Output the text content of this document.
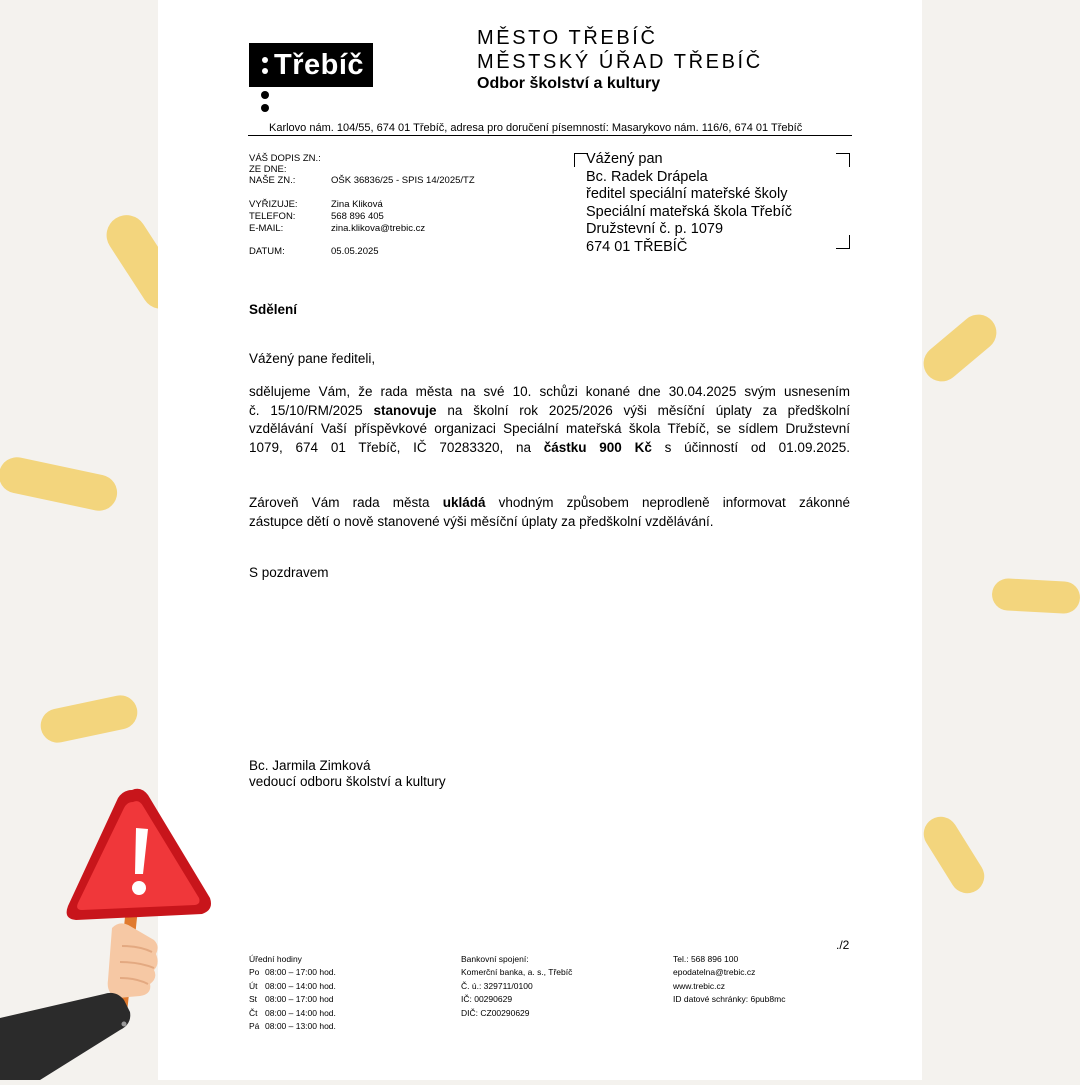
Třebíč
MĚSTO TŘEBÍČ
MĚSTSKÝ ÚŘAD TŘEBÍČ
Odbor školství a kultury
Karlovo nám. 104/55, 674 01 Třebíč, adresa pro doručení písemností: Masarykovo nám. 116/6, 674 01 Třebíč
VÁŠ DOPIS ZN.:
ZE DNE:
NAŠE ZN.:	OŠK 36836/25 - SPIS 14/2025/TZ
VYŘIZUJE:	Zina Kliková
TELEFON:	568 896 405
E-MAIL:	zina.klikova@trebic.cz
DATUM:	05.05.2025
Vážený pan
Bc. Radek Drápela
ředitel speciální mateřské školy
Speciální mateřská škola Třebíč
Družstevní č. p. 1079
674 01 TŘEBÍČ
Sdělení
Vážený pane řediteli,
sdělujeme Vám, že rada města na své 10. schůzi konané dne 30.04.2025 svým usnesením
č. 15/10/RM/2025 stanovuje na školní rok 2025/2026 výši měsíční úplaty za předškolní
vzdělávání Vaší příspěvkové organizaci Speciální mateřská škola Třebíč, se sídlem Družstevní
1079, 674 01 Třebíč, IČ 70283320, na částku 900 Kč s účinností od 01.09.2025.
Zároveň Vám rada města ukládá vhodným způsobem neprodleně informovat zákonné
zástupce dětí o nově stanovené výši měsíční úplaty za předškolní vzdělávání.
S pozdravem
Bc. Jarmila Zimková
vedoucí odboru školství a kultury
./2
Úřední hodiny
Po 08:00 – 17:00 hod.
Út 08:00 – 14:00 hod.
St 08:00 – 17:00 hod
Čt 08:00 – 14:00 hod.
Pá 08:00 – 13:00 hod.
Bankovní spojení:
Komerční banka, a. s., Třebíč
Č. ú.: 329711/0100
IČ: 00290629
DIČ: CZ00290629
Tel.: 568 896 100
epodatelna@trebic.cz
www.trebic.cz
ID datové schránky: 6pub8mc
